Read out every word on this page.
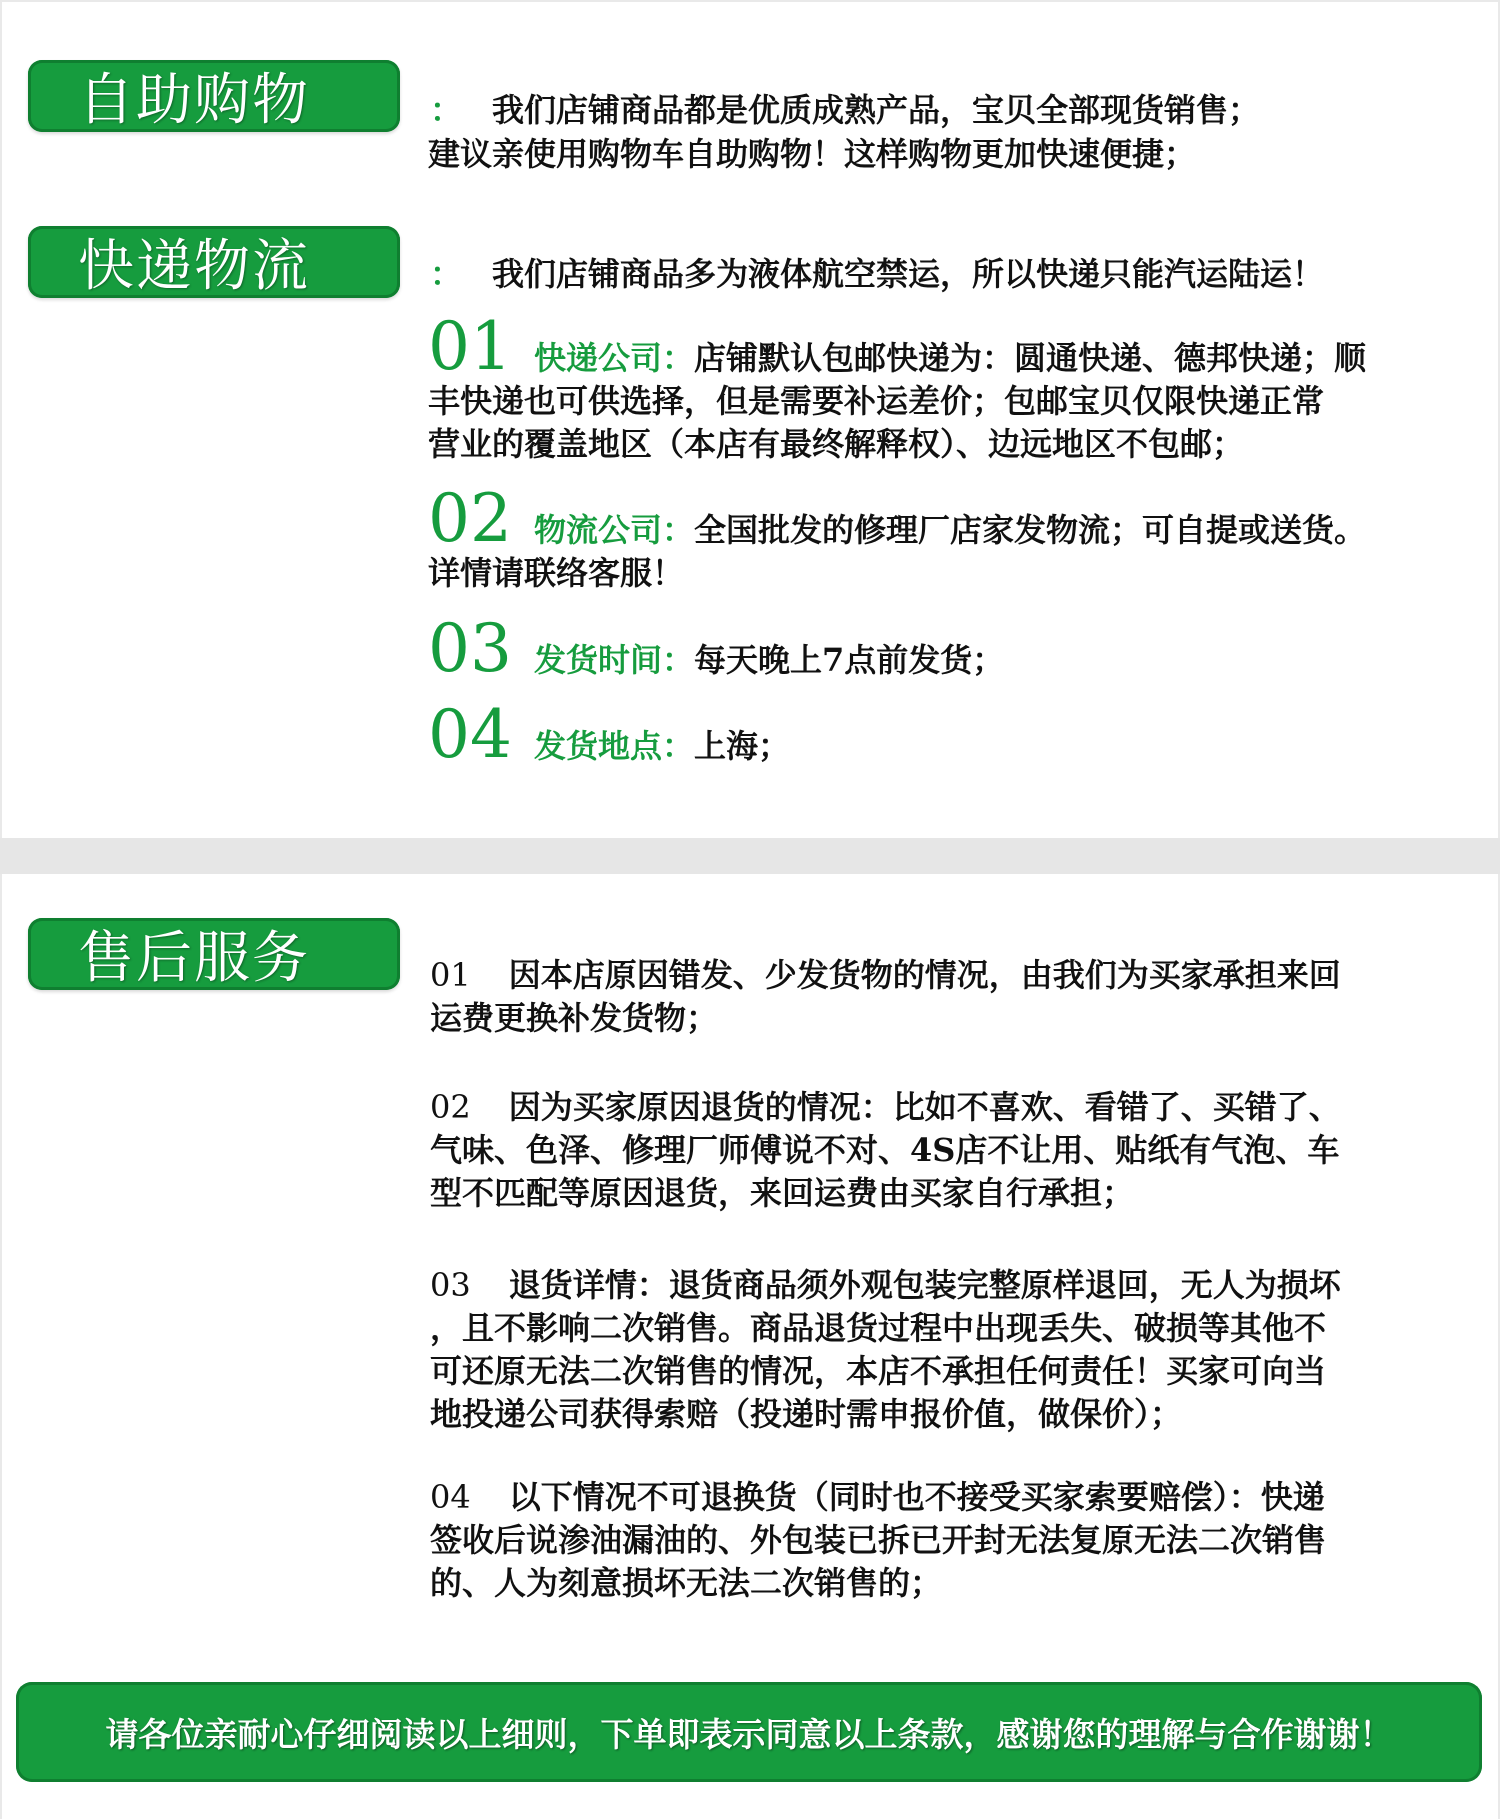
自助购物	： 我们店铺商品都是优质成熟产品，宝贝全部现货销售；
建议亲使用购物车自助购物！这样购物更加快速便捷；
快递物流	： 我们店铺商品多为液体航空禁运，所以快递只能汽运陆运！
01 快递公司：店铺默认包邮快递为：圆通快递、德邦快递；顺
丰快递也可供选择，但是需要补运差价；包邮宝贝仅限快递正常
营业的覆盖地区（本店有最终解释权）、边远地区不包邮；
02 物流公司：全国批发的修理厂店家发物流；可自提或送货。
详情请联络客服！
03 发货时间：每天晚上7点前发货；
04 发货地点：上海；
售后服务	01 因本店原因错发、少发货物的情况，由我们为买家承担来回
运费更换补发货物；
02 因为买家原因退货的情况：比如不喜欢、看错了、买错了、
气味、色泽、修理厂师傅说不对、4S店不让用、贴纸有气泡、车
型不匹配等原因退货，来回运费由买家自行承担；
03 退货详情：退货商品须外观包装完整原样退回，无人为损坏
，且不影响二次销售。商品退货过程中出现丢失、破损等其他不
可还原无法二次销售的情况，本店不承担任何责任！买家可向当
地投递公司获得索赔（投递时需申报价值，做保价）；
04 以下情况不可退换货（同时也不接受买家索要赔偿）：快递
签收后说渗油漏油的、外包装已拆已开封无法复原无法二次销售
的、人为刻意损坏无法二次销售的；
请各位亲耐心仔细阅读以上细则，下单即表示同意以上条款，感谢您的理解与合作谢谢！
